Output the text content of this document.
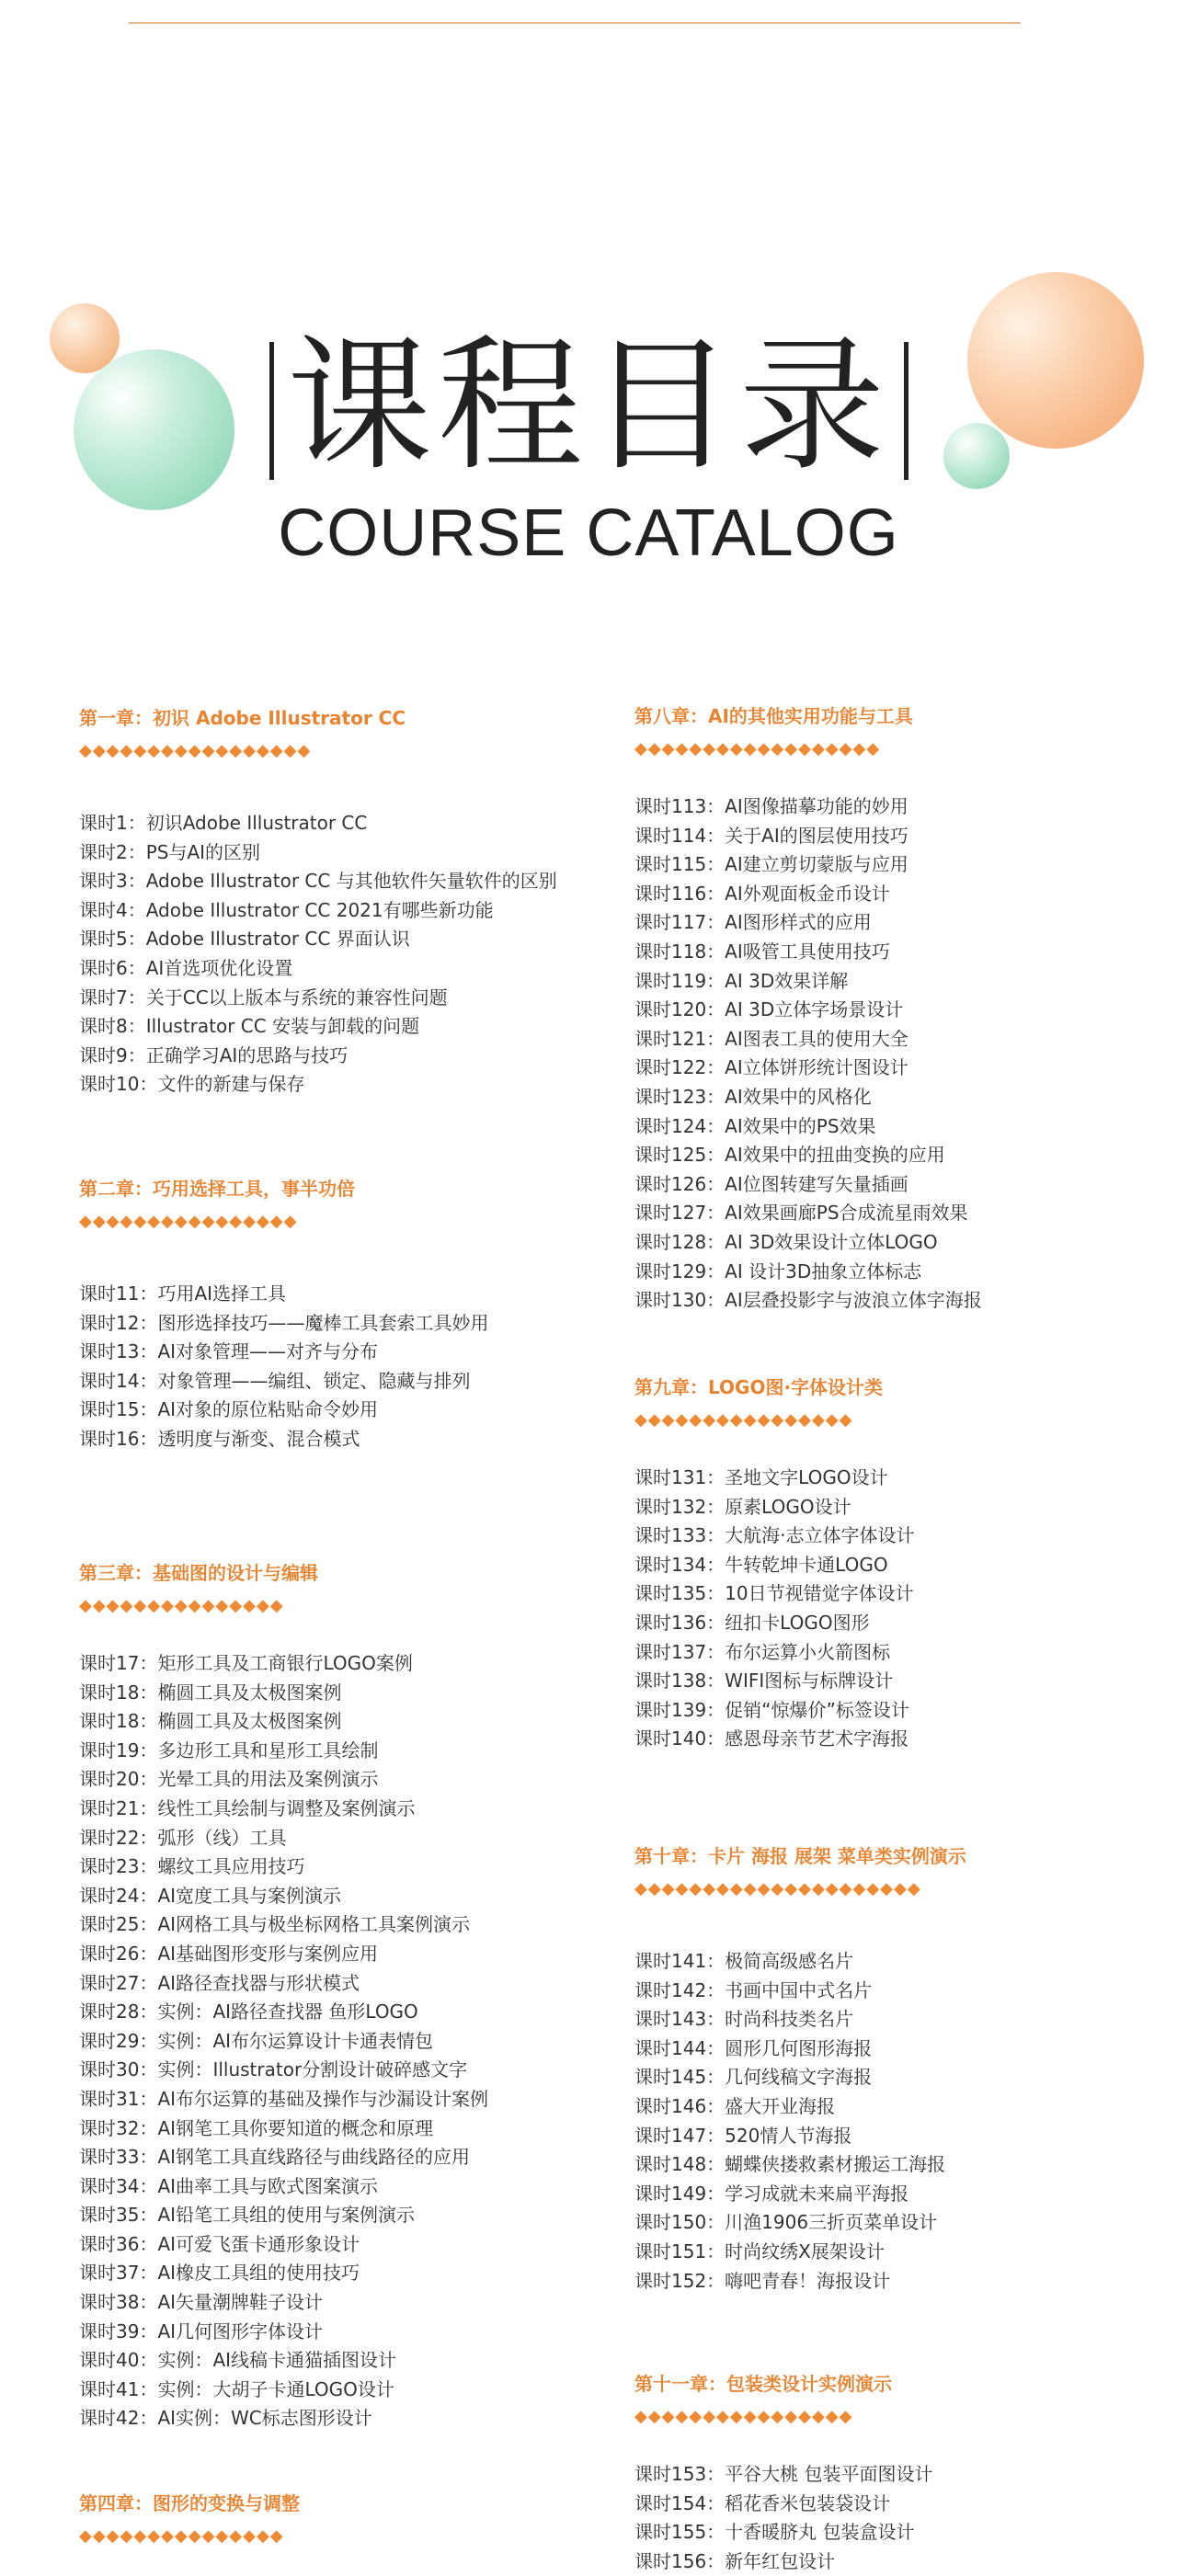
课程目录
COURSE CATALOG
第一章：初识 Adobe Illustrator CC
◆◆◆◆◆◆◆◆◆◆◆◆◆◆◆◆◆
课时1：初识Adobe Illustrator CC
课时2：PS与AI的区别
课时3：Adobe Illustrator CC 与其他软件矢量软件的区别
课时4：Adobe Illustrator CC 2021有哪些新功能
课时5：Adobe Illustrator CC 界面认识
课时6：AI首选项优化设置
课时7：关于CC以上版本与系统的兼容性问题
课时8：Illustrator CC 安装与卸载的问题
课时9：正确学习AI的思路与技巧
课时10：文件的新建与保存
第二章：巧用选择工具，事半功倍
◆◆◆◆◆◆◆◆◆◆◆◆◆◆◆◆
课时11：巧用AI选择工具
课时12：图形选择技巧——魔棒工具套索工具妙用
课时13：AI对象管理——对齐与分布
课时14：对象管理——编组、锁定、隐藏与排列
课时15：AI对象的原位粘贴命令妙用
课时16：透明度与渐变、混合模式
第三章：基础图的设计与编辑
◆◆◆◆◆◆◆◆◆◆◆◆◆◆◆
课时17：矩形工具及工商银行LOGO案例
课时18：椭圆工具及太极图案例
课时18：椭圆工具及太极图案例
课时19：多边形工具和星形工具绘制
课时20：光晕工具的用法及案例演示
课时21：线性工具绘制与调整及案例演示
课时22：弧形（线）工具
课时23：螺纹工具应用技巧
课时24：AI宽度工具与案例演示
课时25：AI网格工具与极坐标网格工具案例演示
课时26：AI基础图形变形与案例应用
课时27：AI路径查找器与形状模式
课时28：实例：AI路径查找器 鱼形LOGO
课时29：实例：AI布尔运算设计卡通表情包
课时30：实例：Illustrator分割设计破碎感文字
课时31：AI布尔运算的基础及操作与沙漏设计案例
课时32：AI钢笔工具你要知道的概念和原理
课时33：AI钢笔工具直线路径与曲线路径的应用
课时34：AI曲率工具与欧式图案演示
课时35：AI铅笔工具组的使用与案例演示
课时36：AI可爱飞蛋卡通形象设计
课时37：AI橡皮工具组的使用技巧
课时38：AI矢量潮牌鞋子设计
课时39：AI几何图形字体设计
课时40：实例：AI线稿卡通猫插图设计
课时41：实例：大胡子卡通LOGO设计
课时42：AI实例：WC标志图形设计
第四章：图形的变换与调整
◆◆◆◆◆◆◆◆◆◆◆◆◆◆◆
第八章：AI的其他实用功能与工具
◆◆◆◆◆◆◆◆◆◆◆◆◆◆◆◆◆◆
课时113：AI图像描摹功能的妙用
课时114：关于AI的图层使用技巧
课时115：AI建立剪切蒙版与应用
课时116：AI外观面板金币设计
课时117：AI图形样式的应用
课时118：AI吸管工具使用技巧
课时119：AI 3D效果详解
课时120：AI 3D立体字场景设计
课时121：AI图表工具的使用大全
课时122：AI立体饼形统计图设计
课时123：AI效果中的风格化
课时124：AI效果中的PS效果
课时125：AI效果中的扭曲变换的应用
课时126：AI位图转建写矢量插画
课时127：AI效果画廊PS合成流星雨效果
课时128：AI 3D效果设计立体LOGO
课时129：AI 设计3D抽象立体标志
课时130：AI层叠投影字与波浪立体字海报
第九章：LOGO图·字体设计类
◆◆◆◆◆◆◆◆◆◆◆◆◆◆◆◆
课时131：圣地文字LOGO设计
课时132：原素LOGO设计
课时133：大航海·志立体字体设计
课时134：牛转乾坤卡通LOGO
课时135：10日节视错觉字体设计
课时136：纽扣卡LOGO图形
课时137：布尔运算小火箭图标
课时138：WIFI图标与标牌设计
课时139：促销“惊爆价”标签设计
课时140：感恩母亲节艺术字海报
第十章：卡片 海报 展架 菜单类实例演示
◆◆◆◆◆◆◆◆◆◆◆◆◆◆◆◆◆◆◆◆◆
课时141：极简高级感名片
课时142：书画中国中式名片
课时143：时尚科技类名片
课时144：圆形几何图形海报
课时145：几何线稿文字海报
课时146：盛大开业海报
课时147：520情人节海报
课时148：蝴蝶侠搂救素材搬运工海报
课时149：学习成就未来扁平海报
课时150：川渔1906三折页菜单设计
课时151：时尚纹绣X展架设计
课时152：嗨吧青春！海报设计
第十一章：包装类设计实例演示
◆◆◆◆◆◆◆◆◆◆◆◆◆◆◆◆
课时153：平谷大桃 包装平面图设计
课时154：稻花香米包装袋设计
课时155：十香暖脐丸 包装盒设计
课时156：新年红包设计
